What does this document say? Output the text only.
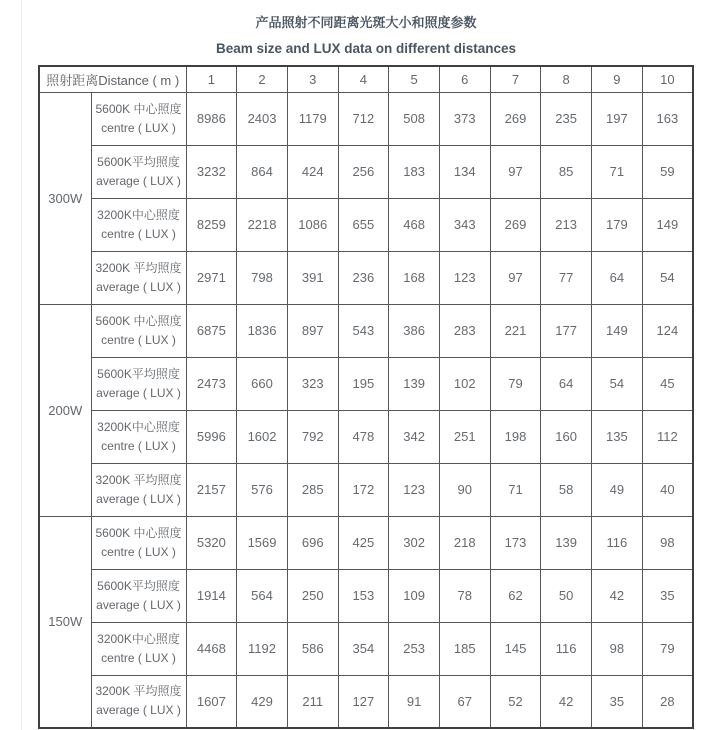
产品照射不同距离光斑大小和照度参数
Beam size and LUX data on different distances
照射距离Distance ( m )		1	2	3	4	5	6	7	8	9	10
300W	5600K 中心照度
centre ( LUX )	8986	2403	1179	712	508	373	269	235	197	163

	5600K平均照度
average ( LUX )	3232	864	424	256	183	134	97	85	71	59

	3200K中心照度
centre ( LUX )	8259	2218	1086	655	468	343	269	213	179	149

	3200K 平均照度
average ( LUX )	2971	798	391	236	168	123	97	77	64	54
200W	5600K 中心照度
centre ( LUX )	6875	1836	897	543	386	283	221	177	149	124

	5600K平均照度
average ( LUX )	2473	660	323	195	139	102	79	64	54	45

	3200K中心照度
centre ( LUX )	5996	1602	792	478	342	251	198	160	135	112

	3200K 平均照度
average ( LUX )	2157	576	285	172	123	90	71	58	49	40
150W	5600K 中心照度
centre ( LUX )	5320	1569	696	425	302	218	173	139	116	98

	5600K平均照度
average ( LUX )	1914	564	250	153	109	78	62	50	42	35

	3200K中心照度
centre ( LUX )	4468	1192	586	354	253	185	145	116	98	79

	3200K 平均照度
average ( LUX )	1607	429	211	127	91	67	52	42	35	28
